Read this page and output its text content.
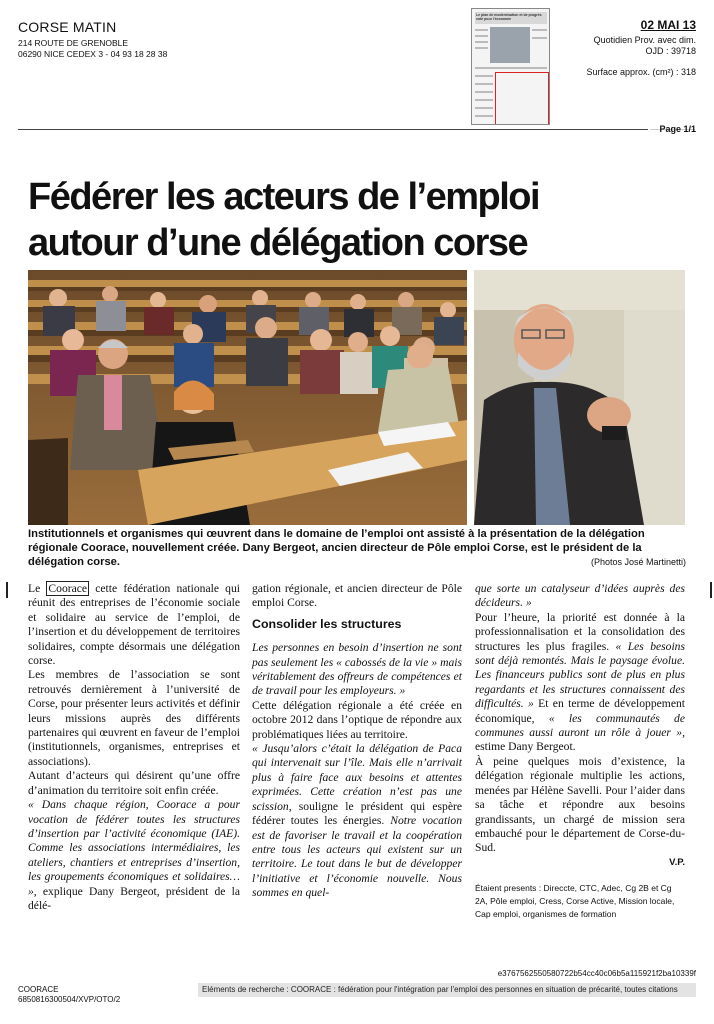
CORSE MATIN
214 ROUTE DE GRENOBLE
06290 NICE CEDEX 3 - 04 93 18 28 38
Le plan de modernisation et de progrès voté pour l'économie	02 MAI 13
Quotidien Prov. avec dim.
OJD : 39718
Surface approx. (cm²) : 318
Page 1/1
Fédérer les acteurs de l’emploi
autour d’une délégation corse
Institutionnels et organismes qui œuvrent dans le domaine de l’emploi ont assisté à la présentation de la délégation régionale Coorace, nouvellement créée. Dany Bergeot, ancien directeur de Pôle emploi Corse, est le président de la délégation corse.	(Photos José Martinetti)

Le Coorace cette fédération nationale qui réunit des entreprises de l’économie sociale et solidaire au service de l’emploi, de l’insertion et du développement de territoires solidaires, compte désormais une délégation corse.

Les membres de l’association se sont retrouvés dernièrement à l’université de Corse, pour présenter leurs activités et définir leurs missions auprès des différents partenaires qui œuvrent en faveur de l’emploi (institutionnels, organismes, entreprises et associations).

Autant d’acteurs qui désirent qu’une offre d’animation du territoire soit enfin créée.

« Dans chaque région, Coorace a pour vocation de fédérer toutes les structures d’insertion par l’activité économique (IAE). Comme les associations intermédiaires, les ateliers, chantiers et entreprises d’insertion, les groupements économiques et solidaires… », explique Dany Bergeot, président de la délé-

gation régionale, et ancien directeur de Pôle emploi Corse.

Consolider les structures

Les personnes en besoin d’insertion ne sont pas seulement les « cabossés de la vie » mais véritablement des offreurs de compétences et de travail pour les employeurs. »

Cette délégation régionale a été créée en octobre 2012 dans l’optique de répondre aux problématiques liées au territoire.

« Jusqu’alors c’était la délégation de Paca qui intervenait sur l’île. Mais elle n’arrivait plus à faire face aux besoins et attentes exprimées. Cette création n’est pas une scission, souligne le président qui espère fédérer toutes les énergies. Notre vocation est de favoriser le travail et la coopération entre tous les acteurs qui existent sur un territoire. Le tout dans le but de développer l’initiative et l’économie nouvelle. Nous sommes en quel-

que sorte un catalyseur d’idées auprès des décideurs. »

Pour l’heure, la priorité est donnée à la professionnalisation et la consolidation des structures les plus fragiles. « Les besoins sont déjà remontés. Mais le paysage évolue. Les financeurs publics sont de plus en plus regardants et les structures connaissent des difficultés. » Et en terme de développement économique, « les communautés de communes aussi auront un rôle à jouer », estime Dany Bergeot.

À peine quelques mois d’existence, la délégation régionale multiplie les actions, menées par Hélène Savelli. Pour l’aider dans sa tâche et répondre aux besoins grandissants, un chargé de mission sera embauché pour le département de Corse-du-Sud.

V.P.
Étaient presents : Direccte, CTC, Adec, Cg 2B et Cg 2A, Pôle emploi, Cress, Corse Active, Mission locale, Cap emploi, organismes de formation
e3767562550580722b54cc40c06b5a115921f2ba10339f
COORACE
6850816300504/XVP/OTO/2
Eléments de recherche : COORACE : fédération pour l'intégration par l'emploi des personnes en situation de précarité, toutes citations
